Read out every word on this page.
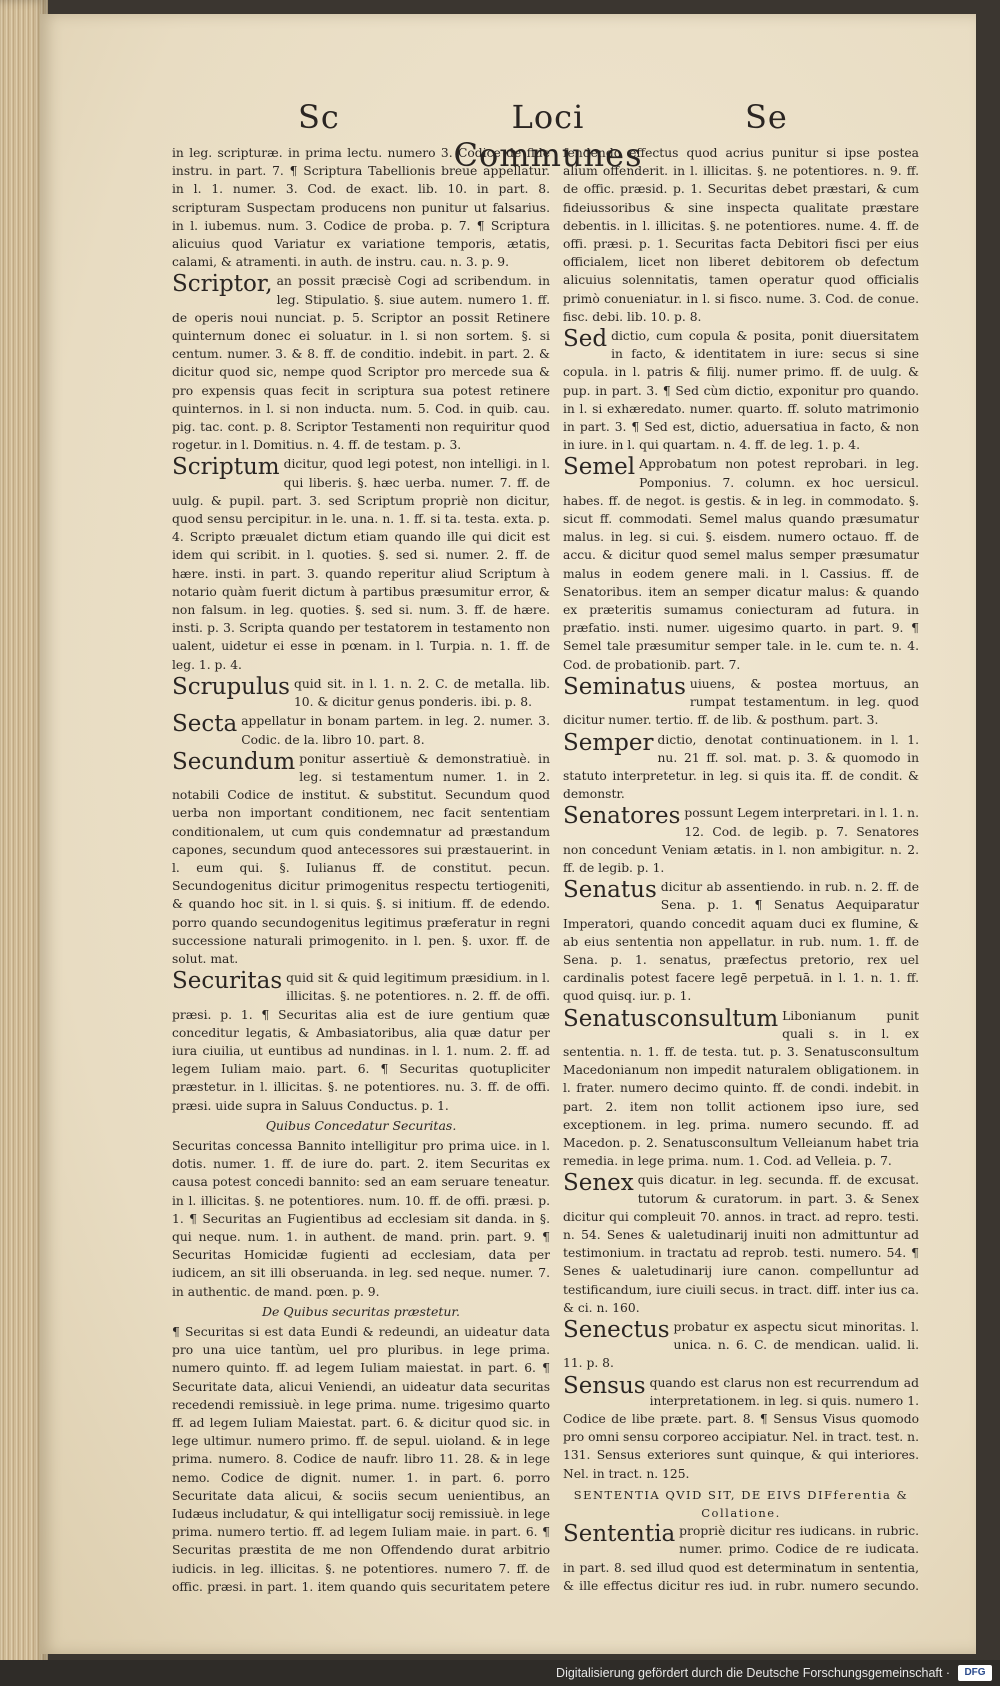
Sc	Loci Communes
Se
in leg. scripturæ. in prima lectu. numero 3. Codice de fide instru. in part. 7. ¶ Scriptura Tabellionis breue appellatur. in l. 1. numer. 3. Cod. de exact. lib. 10. in part. 8. scripturam Suspectam producens non punitur ut falsarius. in l. iubemus. num. 3. Codice de proba. p. 7. ¶ Scriptura alicuius quod Variatur ex variatione temporis, ætatis, calami, & atramenti. in auth. de instru. cau. n. 3. p. 9.
Scriptor, an possit præcisè Cogi ad scribendum. in leg. Stipulatio. §. siue autem. numero 1. ff. de operis noui nunciat. p. 5. Scriptor an possit Retinere quinternum donec ei soluatur. in l. si non sortem. §. si centum. numer. 3. & 8. ff. de conditio. indebit. in part. 2. & dicitur quod sic, nempe quod Scriptor pro mercede sua & pro expensis quas fecit in scriptura sua potest retinere quinternos. in l. si non inducta. num. 5. Cod. in quib. cau. pig. tac. cont. p. 8. Scriptor Testamenti non requiritur quod rogetur. in l. Domitius. n. 4. ff. de testam. p. 3.
Scriptum dicitur, quod legi potest, non intelligi. in l. qui liberis. §. hæc uerba. numer. 7. ff. de uulg. & pupil. part. 3. sed Scriptum propriè non dicitur, quod sensu percipitur. in le. una. n. 1. ff. si ta. testa. exta. p. 4. Scripto præualet dictum etiam quando ille qui dicit est idem qui scribit. in l. quoties. §. sed si. numer. 2. ff. de hære. insti. in part. 3. quando reperitur aliud Scriptum à notario quàm fuerit dictum à partibus præsumitur error, & non falsum. in leg. quoties. §. sed si. num. 3. ff. de hære. insti. p. 3. Scripta quando per testatorem in testamento non ualent, uidetur ei esse in pœnam. in l. Turpia. n. 1. ff. de leg. 1. p. 4.
Scrupulus quid sit. in l. 1. n. 2. C. de metalla. lib. 10. & dicitur genus ponderis. ibi. p. 8.
Secta appellatur in bonam partem. in leg. 2. numer. 3. Codic. de la. libro 10. part. 8.
Secundum ponitur assertiuè & demonstratiuè. in leg. si testamentum numer. 1. in 2. notabili Codice de institut. & substitut. Secundum quod uerba non important conditionem, nec facit sententiam conditionalem, ut cum quis condemnatur ad præstandum capones, secundum quod antecessores sui præstauerint. in l. eum qui. §. Iulianus ff. de constitut. pecun. Secundogenitus dicitur primogenitus respectu tertiogeniti, & quando hoc sit. in l. si quis. §. si initium. ff. de edendo. porro quando secundogenitus legitimus præferatur in regni successione naturali primogenito. in l. pen. §. uxor. ff. de solut. mat.
Securitas quid sit & quid legitimum præsidium. in l. illicitas. §. ne potentiores. n. 2. ff. de offi. præsi. p. 1. ¶ Securitas alia est de iure gentium quæ conceditur legatis, & Ambasiatoribus, alia quæ datur per iura ciuilia, ut euntibus ad nundinas. in l. 1. num. 2. ff. ad legem Iuliam maio. part. 6. ¶ Securitas quotupliciter præstetur. in l. illicitas. §. ne potentiores. nu. 3. ff. de offi. præsi. uide supra in Saluus Conductus. p. 1.
Quibus Concedatur Securitas.
Securitas concessa Bannito intelligitur pro prima uice. in l. dotis. numer. 1. ff. de iure do. part. 2. item Securitas ex causa potest concedi bannito: sed an eam seruare teneatur. in l. illicitas. §. ne potentiores. num. 10. ff. de offi. præsi. p. 1. ¶ Securitas an Fugientibus ad ecclesiam sit danda. in §. qui neque. num. 1. in authent. de mand. prin. part. 9. ¶ Securitas Homicidæ fugienti ad ecclesiam, data per iudicem, an sit illi obseruanda. in leg. sed neque. numer. 7. in authentic. de mand. pœn. p. 9.
De Quibus securitas præstetur.
¶ Securitas si est data Eundi & redeundi, an uideatur data pro una uice tantùm, uel pro pluribus. in lege prima. numero quinto. ff. ad legem Iuliam maiestat. in part. 6. ¶ Securitate data, alicui Veniendi, an uideatur data securitas recedendi remissiuè. in lege prima. nume. trigesimo quarto ff. ad legem Iuliam Maiestat. part. 6. & dicitur quod sic. in lege ultimur. numero primo. ff. de sepul. uioland. & in lege prima. numero. 8. Codice de naufr. libro 11. 28. & in lege nemo. Codice de dignit. numer. 1. in part. 6. porro Securitate data alicui, & sociis secum uenientibus, an Iudæus includatur, & qui intelligatur socij remissiuè. in lege prima. numero tertio. ff. ad legem Iuliam maie. in part. 6. ¶ Securitas præstita de me non Offendendo durat arbitrio iudicis. in leg. illicitas. §. ne potentiores. numero 7. ff. de offic. præsi. in part. 1. item quando quis securitatem petere
fendendo effectus quod acrius punitur si ipse postea alium offenderit. in l. illicitas. §. ne potentiores. n. 9. ff. de offic. præsid. p. 1. Securitas debet præstari, & cum fideiussoribus & sine inspecta qualitate præstare debentis. in l. illicitas. §. ne potentiores. nume. 4. ff. de offi. præsi. p. 1. Securitas facta Debitori fisci per eius officialem, licet non liberet debitorem ob defectum alicuius solennitatis, tamen operatur quod officialis primò conueniatur. in l. si fisco. nume. 3. Cod. de conue. fisc. debi. lib. 10. p. 8.
Sed dictio, cum copula & posita, ponit diuersitatem in facto, & identitatem in iure: secus si sine copula. in l. patris & filij. numer primo. ff. de uulg. & pup. in part. 3. ¶ Sed cùm dictio, exponitur pro quando. in l. si exhæredato. numer. quarto. ff. soluto matrimonio in part. 3. ¶ Sed est, dictio, aduersatiua in facto, & non in iure. in l. qui quartam. n. 4. ff. de leg. 1. p. 4.
Semel Approbatum non potest reprobari. in leg. Pomponius. 7. column. ex hoc uersicul. habes. ff. de negot. is gestis. & in leg. in commodato. §. sicut ff. commodati. Semel malus quando præsumatur malus. in leg. si cui. §. eisdem. numero octauo. ff. de accu. & dicitur quod semel malus semper præsumatur malus in eodem genere mali. in l. Cassius. ff. de Senatoribus. item an semper dicatur malus: & quando ex præteritis sumamus coniecturam ad futura. in præfatio. insti. numer. uigesimo quarto. in part. 9. ¶ Semel tale præsumitur semper tale. in le. cum te. n. 4. Cod. de probationib. part. 7.
Seminatus uiuens, & postea mortuus, an rumpat testamentum. in leg. quod dicitur numer. tertio. ff. de lib. & posthum. part. 3.
Semper dictio, denotat continuationem. in l. 1. nu. 21 ff. sol. mat. p. 3. & quomodo in statuto interpretetur. in leg. si quis ita. ff. de condit. & demonstr.
Senatores possunt Legem interpretari. in l. 1. n. 12. Cod. de legib. p. 7. Senatores non concedunt Veniam ætatis. in l. non ambigitur. n. 2. ff. de legib. p. 1.
Senatus dicitur ab assentiendo. in rub. n. 2. ff. de Sena. p. 1. ¶ Senatus Aequiparatur Imperatori, quando concedit aquam duci ex flumine, & ab eius sententia non appellatur. in rub. num. 1. ff. de Sena. p. 1. senatus, præfectus pretorio, rex uel cardinalis potest facere legē perpetuā. in l. 1. n. 1. ff. quod quisq. iur. p. 1.
Senatusconsultum Libonianum punit quali s. in l. ex sententia. n. 1. ff. de testa. tut. p. 3. Senatusconsultum Macedonianum non impedit naturalem obligationem. in l. frater. numero decimo quinto. ff. de condi. indebit. in part. 2. item non tollit actionem ipso iure, sed exceptionem. in leg. prima. numero secundo. ff. ad Macedon. p. 2. Senatusconsultum Velleianum habet tria remedia. in lege prima. num. 1. Cod. ad Velleia. p. 7.
Senex quis dicatur. in leg. secunda. ff. de excusat. tutorum & curatorum. in part. 3. & Senex dicitur qui compleuit 70. annos. in tract. ad repro. testi. n. 54. Senes & ualetudinarij inuiti non admittuntur ad testimonium. in tractatu ad reprob. testi. numero. 54. ¶ Senes & ualetudinarij iure canon. compelluntur ad testificandum, iure ciuili secus. in tract. diff. inter ius ca. & ci. n. 160.
Senectus probatur ex aspectu sicut minoritas. l. unica. n. 6. C. de mendican. ualid. li. 11. p. 8.
Sensus quando est clarus non est recurrendum ad interpretationem. in leg. si quis. numero 1. Codice de libe præte. part. 8. ¶ Sensus Visus quomodo pro omni sensu corporeo accipiatur. Nel. in tract. test. n. 131. Sensus exteriores sunt quinque, & qui interiores. Nel. in tract. n. 125.
SENTENTIA QVID SIT, DE EIVS DIFferentia & Collatione.
Sententia propriè dicitur res iudicans. in rubric. numer. primo. Codice de re iudicata. in part. 8. sed illud quod est determinatum in sententia, & ille effectus dicitur res iud. in rubr. numero secundo.
Digitalisierung gefördert durch die Deutsche Forschungsgemeinschaft ·	DFG
